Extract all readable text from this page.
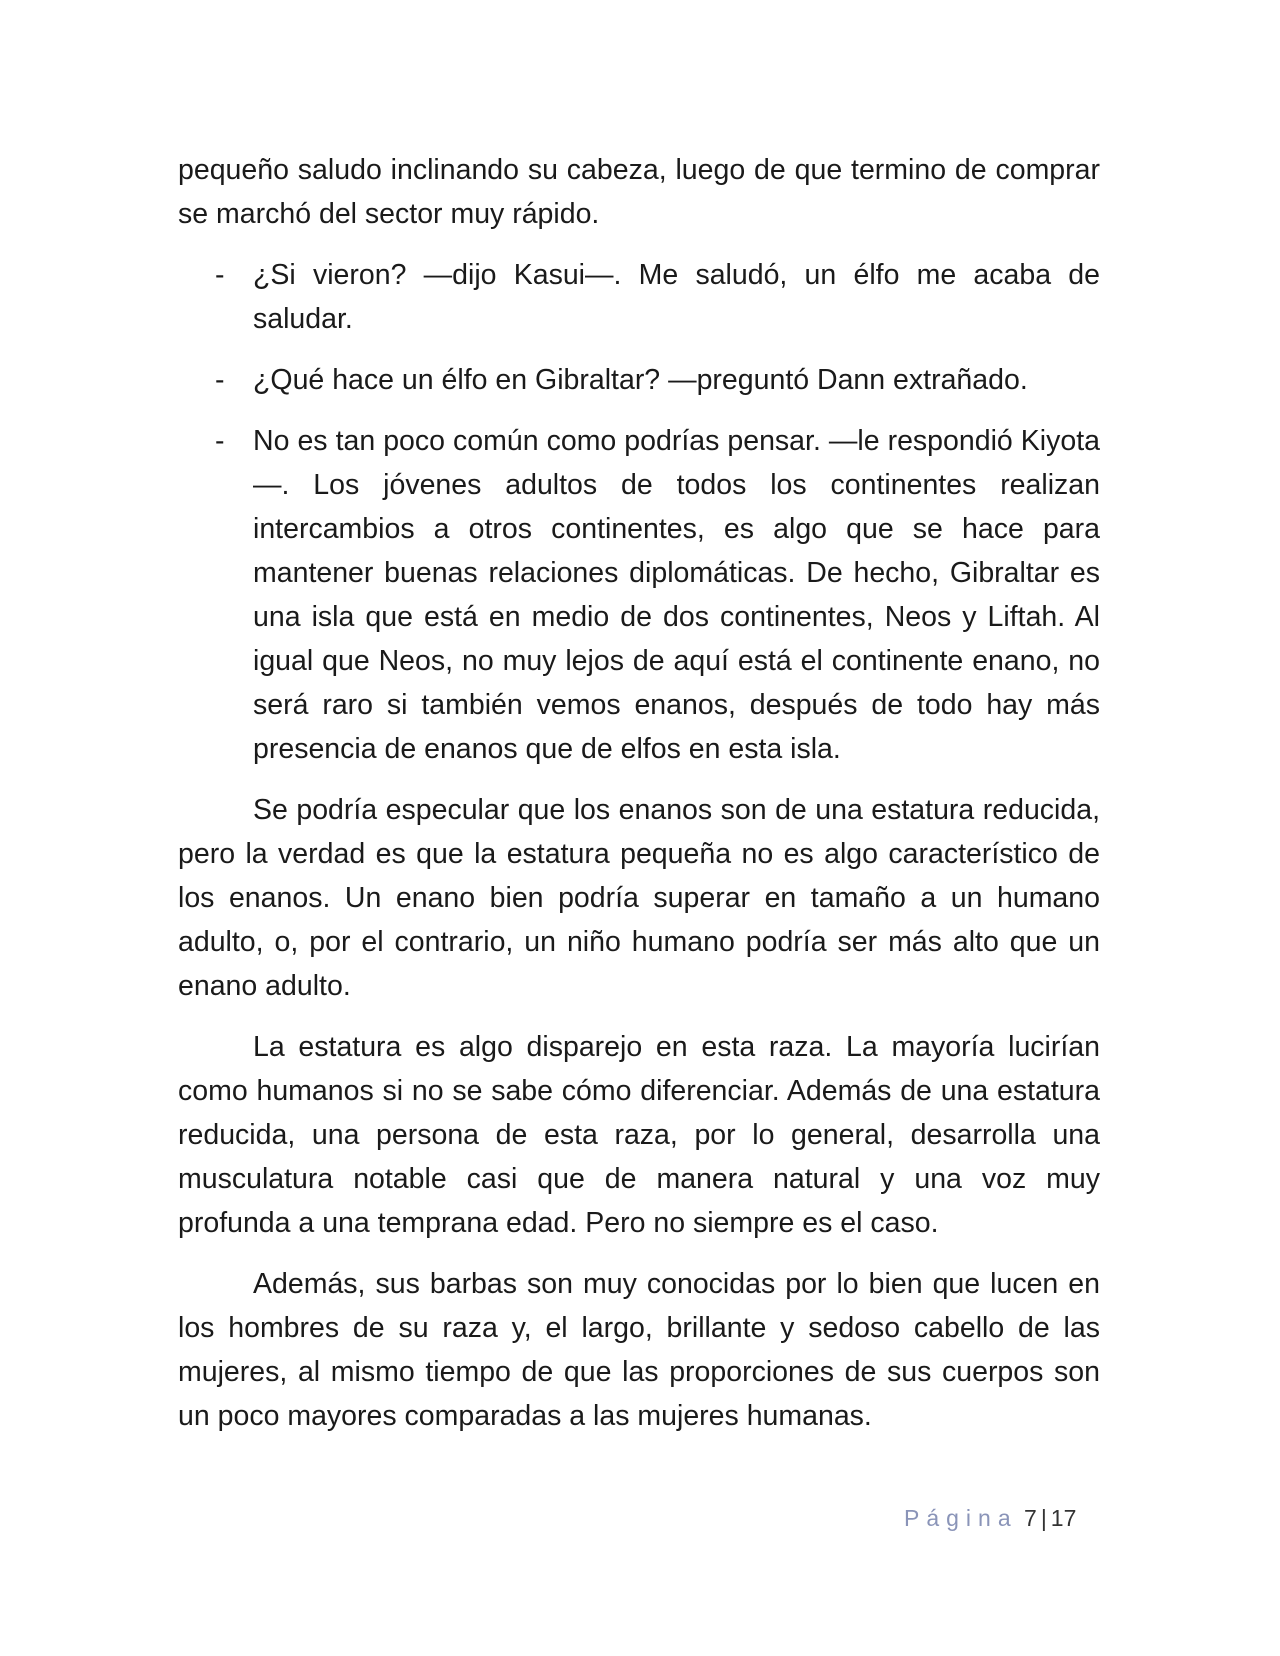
pequeño saludo inclinando su cabeza, luego de que termino de comprar se marchó del sector muy rápido.

- ¿Si vieron? —dijo Kasui—. Me saludó, un élfo me acaba de saludar.
- ¿Qué hace un élfo en Gibraltar? —preguntó Dann extrañado.
- No es tan poco común como podrías pensar. —le respondió Kiyota—. Los jóvenes adultos de todos los continentes realizan intercambios a otros continentes, es algo que se hace para mantener buenas relaciones diplomáticas. De hecho, Gibraltar es una isla que está en medio de dos continentes, Neos y Liftah. Al igual que Neos, no muy lejos de aquí está el continente enano, no será raro si también vemos enanos, después de todo hay más presencia de enanos que de elfos en esta isla.

Se podría especular que los enanos son de una estatura reducida, pero la verdad es que la estatura pequeña no es algo característico de los enanos. Un enano bien podría superar en tamaño a un humano adulto, o, por el contrario, un niño humano podría ser más alto que un enano adulto.

La estatura es algo disparejo en esta raza. La mayoría lucirían como humanos si no se sabe cómo diferenciar. Además de una estatura reducida, una persona de esta raza, por lo general, desarrolla una musculatura notable casi que de manera natural y una voz muy profunda a una temprana edad. Pero no siempre es el caso.

Además, sus barbas son muy conocidas por lo bien que lucen en los hombres de su raza y, el largo, brillante y sedoso cabello de las mujeres, al mismo tiempo de que las proporciones de sus cuerpos son un poco mayores comparadas a las mujeres humanas.

Página 7 | 17
